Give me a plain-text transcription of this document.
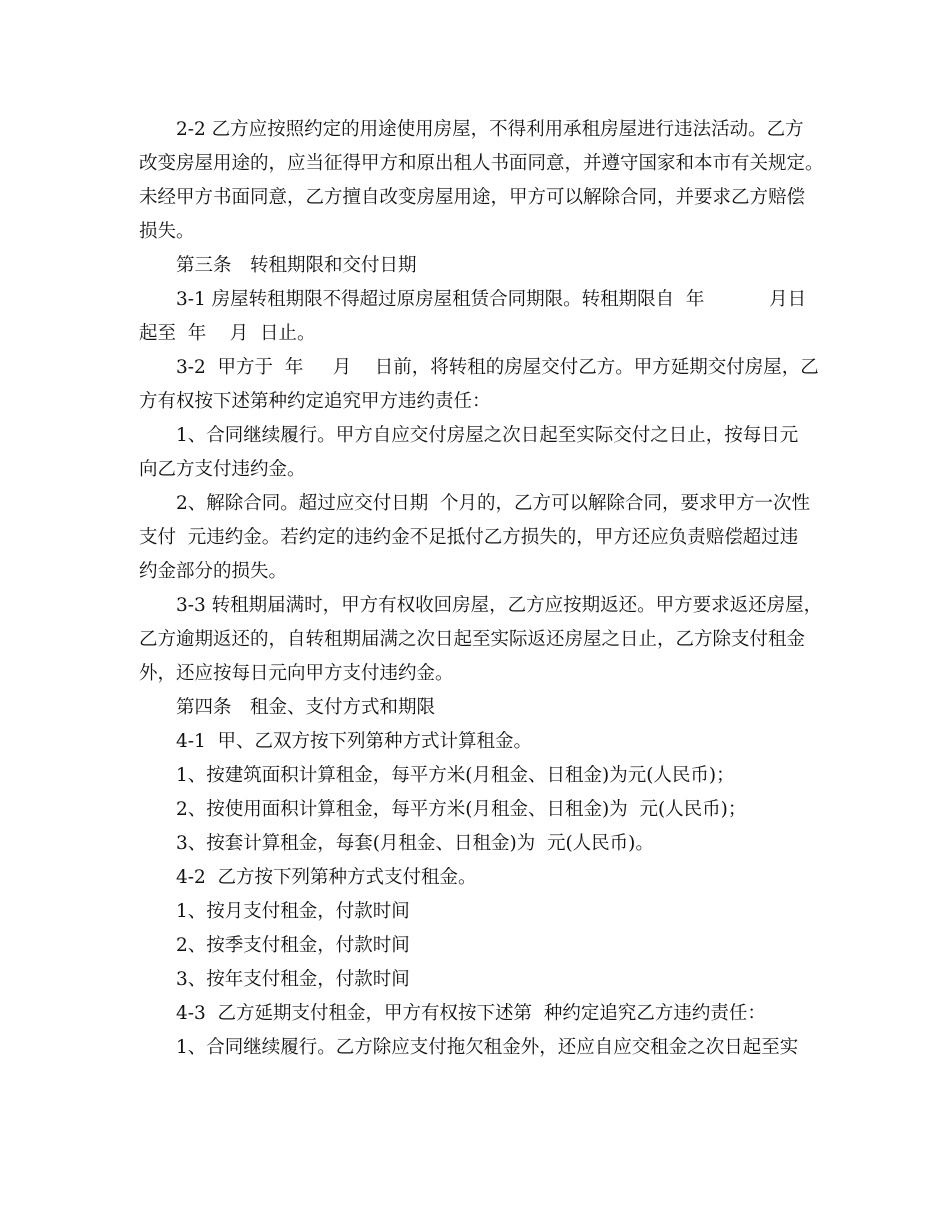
2-2 乙方应按照约定的用途使用房屋，不得利用承租房屋进行违法活动。乙方
改变房屋用途的，应当征得甲方和原出租人书面同意，并遵守国家和本市有关规定。
未经甲方书面同意，乙方擅自改变房屋用途，甲方可以解除合同，并要求乙方赔偿
损失。
第三条　转租期限和交付日期
3-1 房屋转租期限不得超过原房屋租赁合同期限。转租期限自  年           月日
起至  年    月  日止。
3-2  甲方于  年     月    日前，将转租的房屋交付乙方。甲方延期交付房屋，乙
方有权按下述第种约定追究甲方违约责任：
1、合同继续履行。甲方自应交付房屋之次日起至实际交付之日止，按每日元
向乙方支付违约金。
2、解除合同。超过应交付日期  个月的，乙方可以解除合同，要求甲方一次性
支付  元违约金。若约定的违约金不足抵付乙方损失的，甲方还应负责赔偿超过违
约金部分的损失。
3-3 转租期届满时，甲方有权收回房屋，乙方应按期返还。甲方要求返还房屋，
乙方逾期返还的，自转租期届满之次日起至实际返还房屋之日止，乙方除支付租金
外，还应按每日元向甲方支付违约金。
第四条　租金、支付方式和期限
4-1  甲、乙双方按下列第种方式计算租金。
1、按建筑面积计算租金，每平方米(月租金、日租金)为元(人民币)；
2、按使用面积计算租金，每平方米(月租金、日租金)为  元(人民币)；
3、按套计算租金，每套(月租金、日租金)为  元(人民币)。
4-2  乙方按下列第种方式支付租金。
1、按月支付租金，付款时间
2、按季支付租金，付款时间
3、按年支付租金，付款时间
4-3  乙方延期支付租金，甲方有权按下述第  种约定追究乙方违约责任：
1、合同继续履行。乙方除应支付拖欠租金外，还应自应交租金之次日起至实
